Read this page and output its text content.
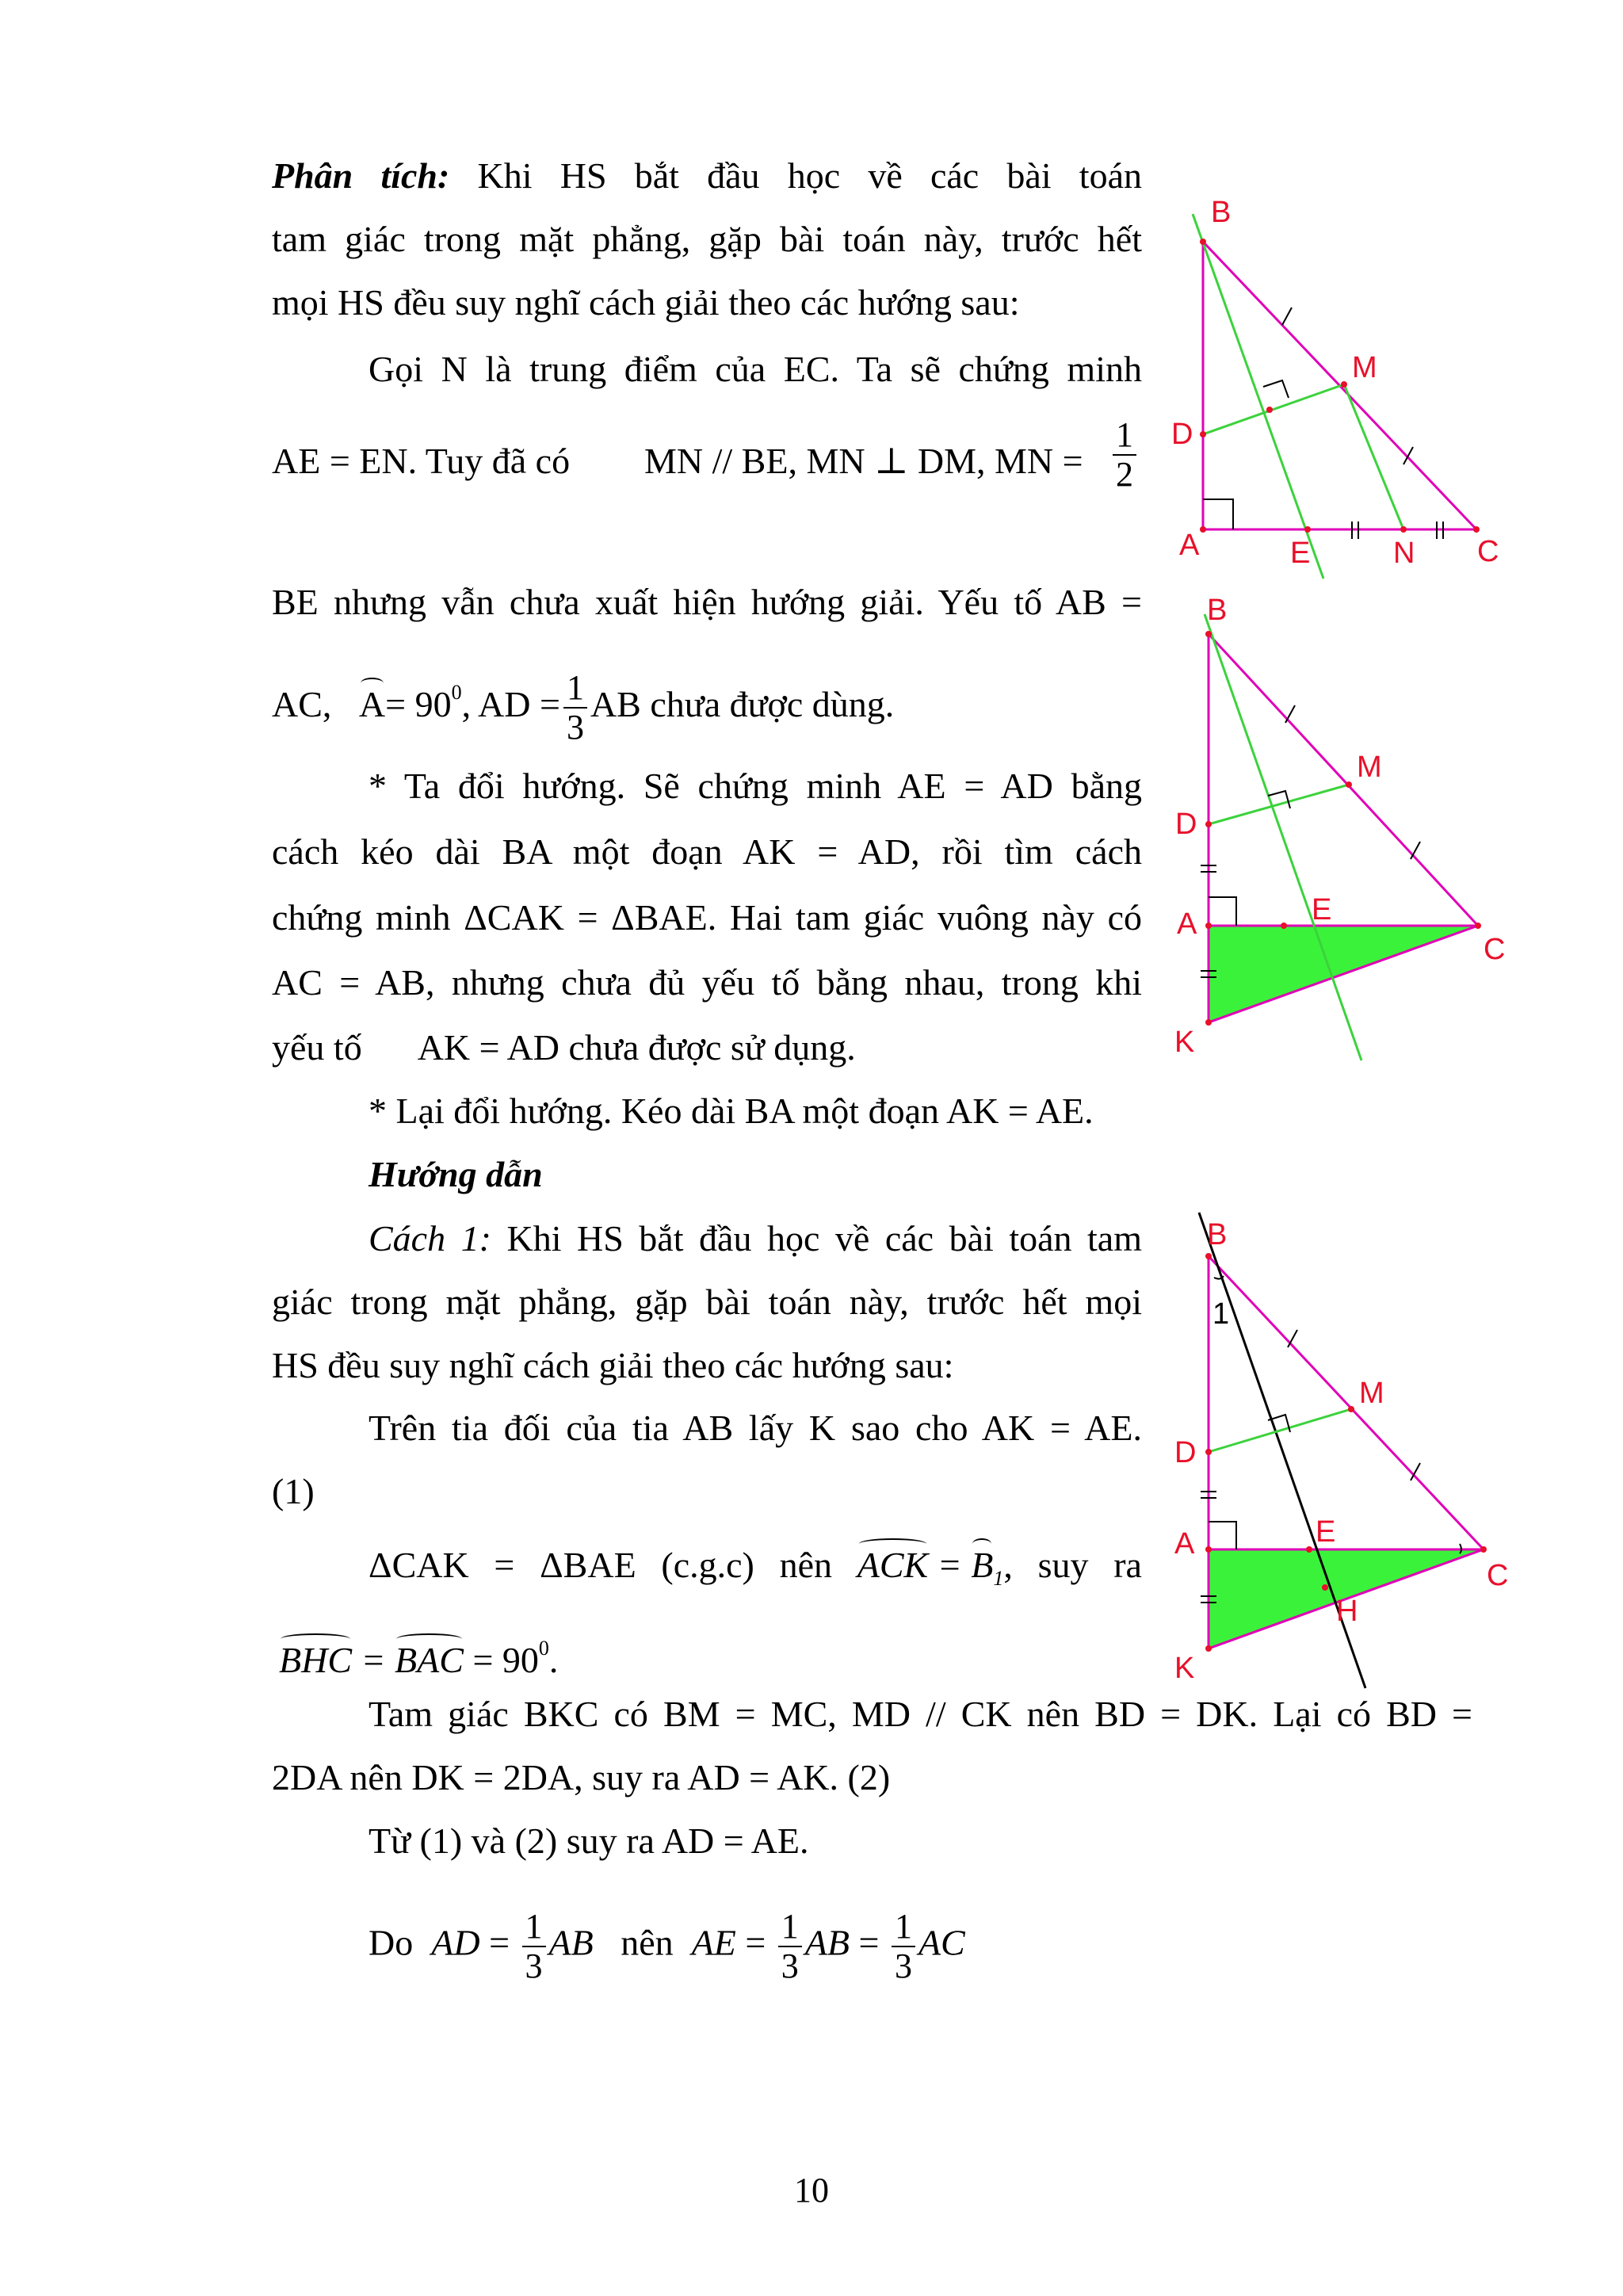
Phân tích: Khi HS bắt đầu học về các bài toán
tam giác trong mặt phẳng, gặp bài toán này, trước hết
mọi HS đều suy nghĩ cách giải theo các hướng sau:
Gọi N là trung điểm của EC. Ta sẽ chứng minh
AE = EN. Tuy đã có MN // BE, MN ⊥ DM, MN = $\frac{1}{2}$
BE nhưng vẫn chưa xuất hiện hướng giải. Yếu tố AB =
AC, $A= 90^0$, AD = $\frac{1}{3}$ AB chưa được dùng.
* Ta đổi hướng. Sẽ chứng minh AE = AD bằng
cách kéo dài BA một đoạn AK = AD, rồi tìm cách
chứng minh ΔCAK = ΔBAE. Hai tam giác vuông này có
AC = AB, nhưng chưa đủ yếu tố bằng nhau, trong khi
yếu tố AK = AD chưa được sử dụng.
* Lại đổi hướng. Kéo dài BA một đoạn AK = AE.
Hướng dẫn
Cách 1: Khi HS bắt đầu học về các bài toán tam
giác trong mặt phẳng, gặp bài toán này, trước hết mọi
HS đều suy nghĩ cách giải theo các hướng sau:
Trên tia đối của tia AB lấy K sao cho AK = AE.
(1)
ΔCAK = ΔBAE (c.g.c) nên ACK = $B_1$, suy ra
BHC = BAC = $90^0$.
Tam giác BKC có BM = MC, MD // CK nên BD = DK. Lại có BD =
2DA nên DK = 2DA, suy ra AD = AK. (2)
Từ (1) và (2) suy ra AD = AE.
Do AD = $\frac{1}{3}$ AB nên AE = $\frac{1}{3}$ AB = $\frac{1}{3}$ AC
10
B
M
D
A	E	N C
B
M
D
A	E
C
K
B
1
M
D
A	E
C
H
K
